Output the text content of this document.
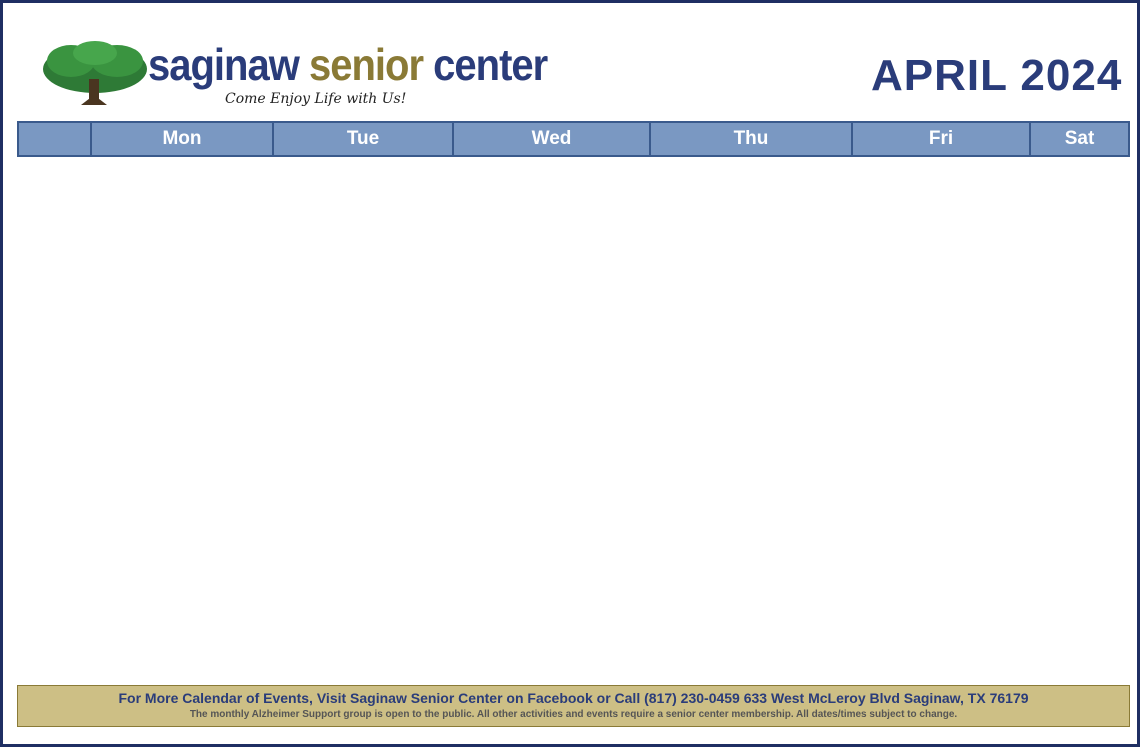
saginaw senior center
Come Enjoy Life with Us!	APRIL 2024
	Mon	Tue	Wed	Thu	Fri	Sat
For More Calendar of Events, Visit Saginaw Senior Center on Facebook or Call (817) 230-0459 633 West McLeroy Blvd Saginaw, TX 76179
The monthly Alzheimer Support group is open to the public. All other activities and events require a senior center membership. All dates/times subject to change.
